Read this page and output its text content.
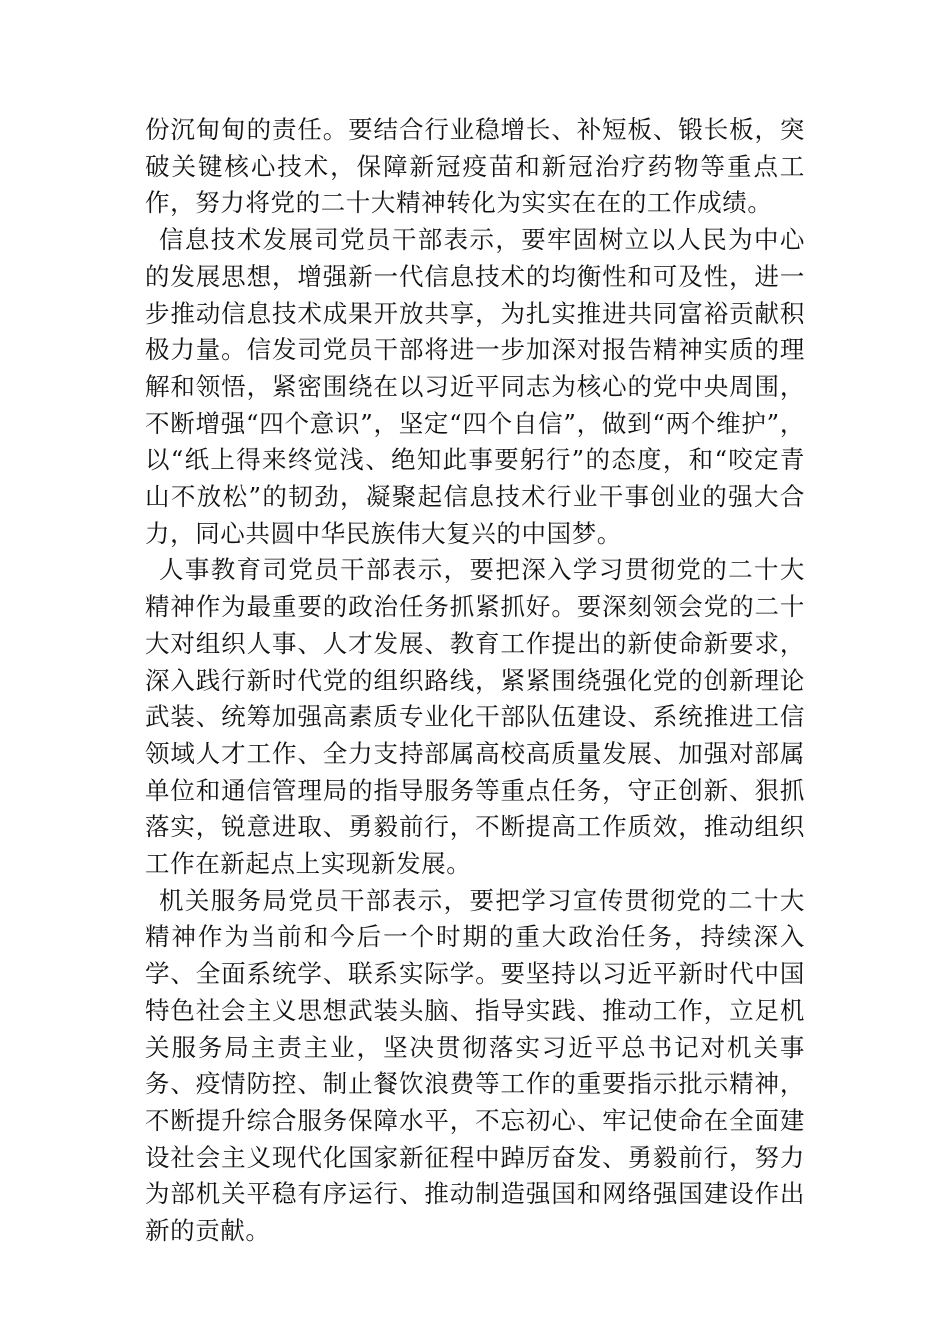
份沉甸甸的责任。要结合行业稳增长、补短板、锻长板，突破关键核心技术，保障新冠疫苗和新冠治疗药物等重点工作，努力将党的二十大精神转化为实实在在的工作成绩。

信息技术发展司党员干部表示，要牢固树立以人民为中心的发展思想，增强新一代信息技术的均衡性和可及性，进一步推动信息技术成果开放共享，为扎实推进共同富裕贡献积极力量。信发司党员干部将进一步加深对报告精神实质的理解和领悟，紧密围绕在以习近平同志为核心的党中央周围，不断增强“四个意识”，坚定“四个自信”，做到“两个维护”，以“纸上得来终觉浅、绝知此事要躬行”的态度，和“咬定青山不放松”的韧劲，凝聚起信息技术行业干事创业的强大合力，同心共圆中华民族伟大复兴的中国梦。

人事教育司党员干部表示，要把深入学习贯彻党的二十大精神作为最重要的政治任务抓紧抓好。要深刻领会党的二十大对组织人事、人才发展、教育工作提出的新使命新要求，深入践行新时代党的组织路线，紧紧围绕强化党的创新理论武装、统筹加强高素质专业化干部队伍建设、系统推进工信领域人才工作、全力支持部属高校高质量发展、加强对部属单位和通信管理局的指导服务等重点任务，守正创新、狠抓落实，锐意进取、勇毅前行，不断提高工作质效，推动组织工作在新起点上实现新发展。

机关服务局党员干部表示，要把学习宣传贯彻党的二十大精神作为当前和今后一个时期的重大政治任务，持续深入学、全面系统学、联系实际学。要坚持以习近平新时代中国特色社会主义思想武装头脑、指导实践、推动工作，立足机关服务局主责主业，坚决贯彻落实习近平总书记对机关事务、疫情防控、制止餐饮浪费等工作的重要指示批示精神，不断提升综合服务保障水平，不忘初心、牢记使命在全面建设社会主义现代化国家新征程中踔厉奋发、勇毅前行，努力为部机关平稳有序运行、推动制造强国和网络强国建设作出新的贡献。
